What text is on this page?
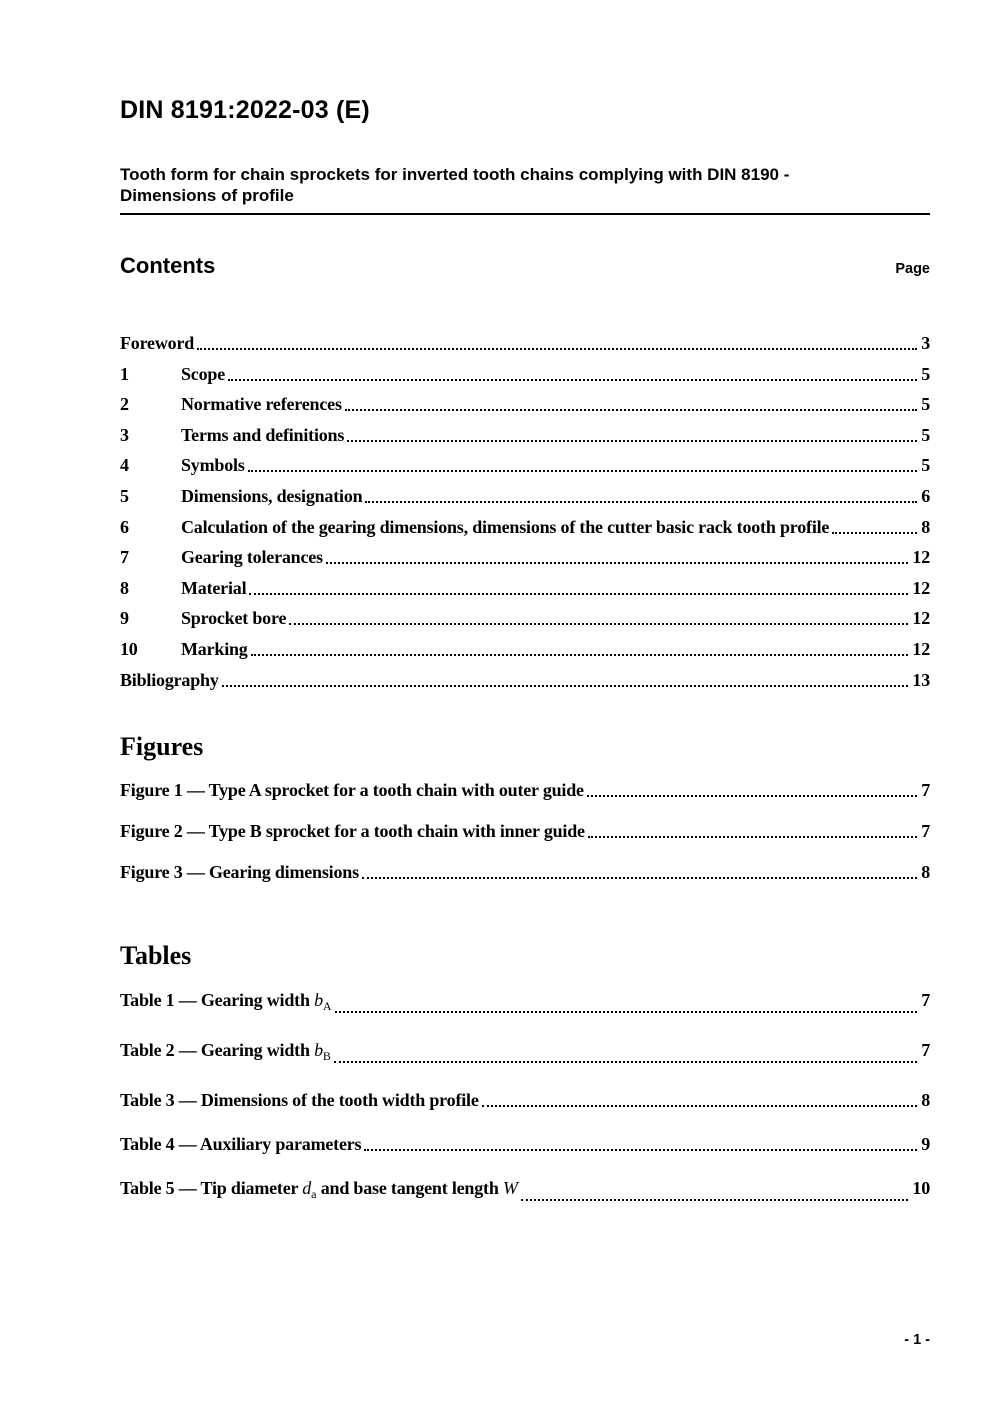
DIN 8191:2022-03 (E)
Tooth form for chain sprockets for inverted tooth chains complying with DIN 8190 -
Dimensions of profile
Contents	Page
Foreword	3
1	Scope	5
2	Normative references	5
3	Terms and definitions	5
4	Symbols	5
5	Dimensions, designation	6
6	Calculation of the gearing dimensions, dimensions of the cutter basic rack tooth profile	8
7	Gearing tolerances	12
8	Material	12
9	Sprocket bore	12
10	Marking	12
Bibliography	13
Figures
Figure 1 — Type A sprocket for a tooth chain with outer guide	7
Figure 2 — Type B sprocket for a tooth chain with inner guide	7
Figure 3 — Gearing dimensions	8
Tables
Table 1 — Gearing width $b_A$	7
Table 2 — Gearing width $b_B$	7
Table 3 — Dimensions of the tooth width profile	8
Table 4 — Auxiliary parameters	9
Table 5 — Tip diameter $d_a$ and base tangent length W	10
- 1 -
